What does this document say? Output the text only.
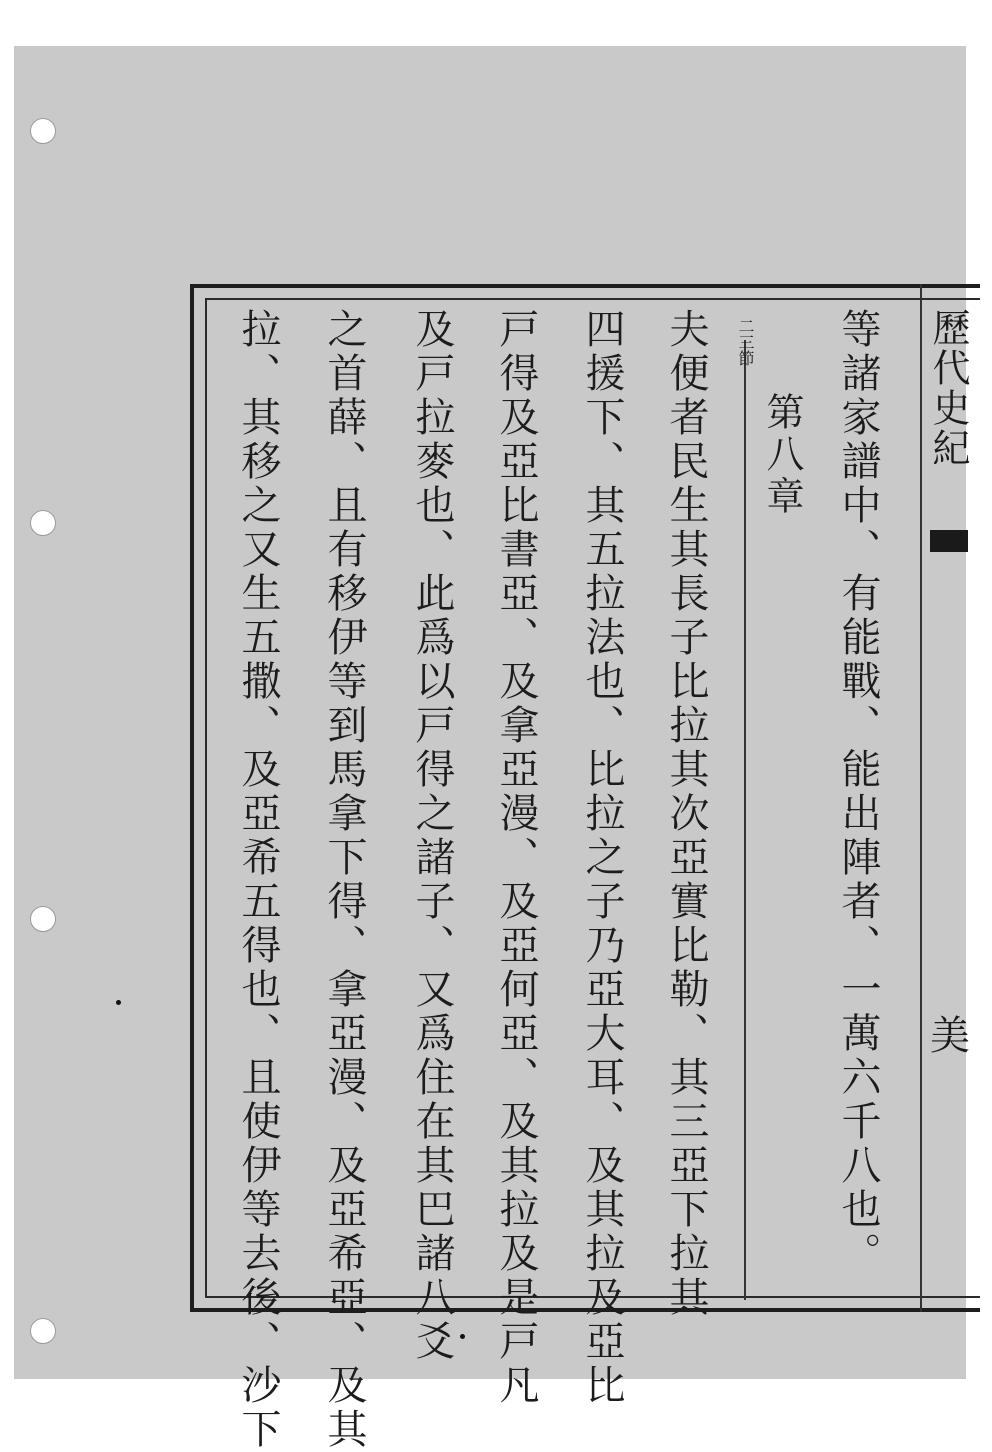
歷代史紀
美
等諸家譜中、有能戰、能出陣者、一萬六千八也。
第八章
二三節
夫便者民生其長子比拉其次亞實比勒、其三亞下拉其
四援下、其五拉法也、比拉之子乃亞大耳、及其拉及亞比
戸得及亞比書亞、及拿亞漫、及亞何亞、及其拉及是戸凡
及戸拉麥也、此爲以戸得之諸子、又爲住在其巴諸八爻
之首薛、且有移伊等到馬拿下得、拿亞漫、及亞希亞、及其
拉、其移之又生五撒、及亞希五得也、且使伊等去後、沙下
